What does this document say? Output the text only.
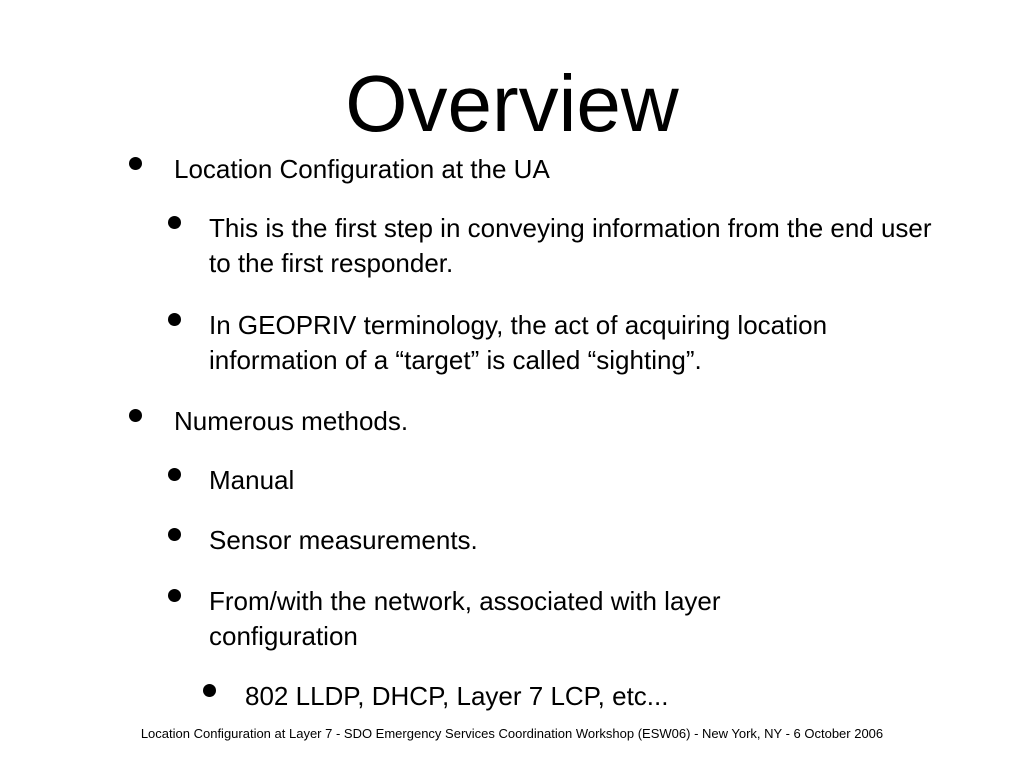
Overview
Location Configuration at the UA
This is the first step in conveying information from the end user to the first responder.
In GEOPRIV terminology, the act of acquiring location information of a “target” is called “sighting”.
Numerous methods.
Manual
Sensor measurements.
From/with the network, associated with layer configuration
802 LLDP, DHCP, Layer 7 LCP, etc...
Location Configuration at Layer 7 - SDO Emergency Services Coordination Workshop (ESW06) - New York, NY - 6 October 2006
